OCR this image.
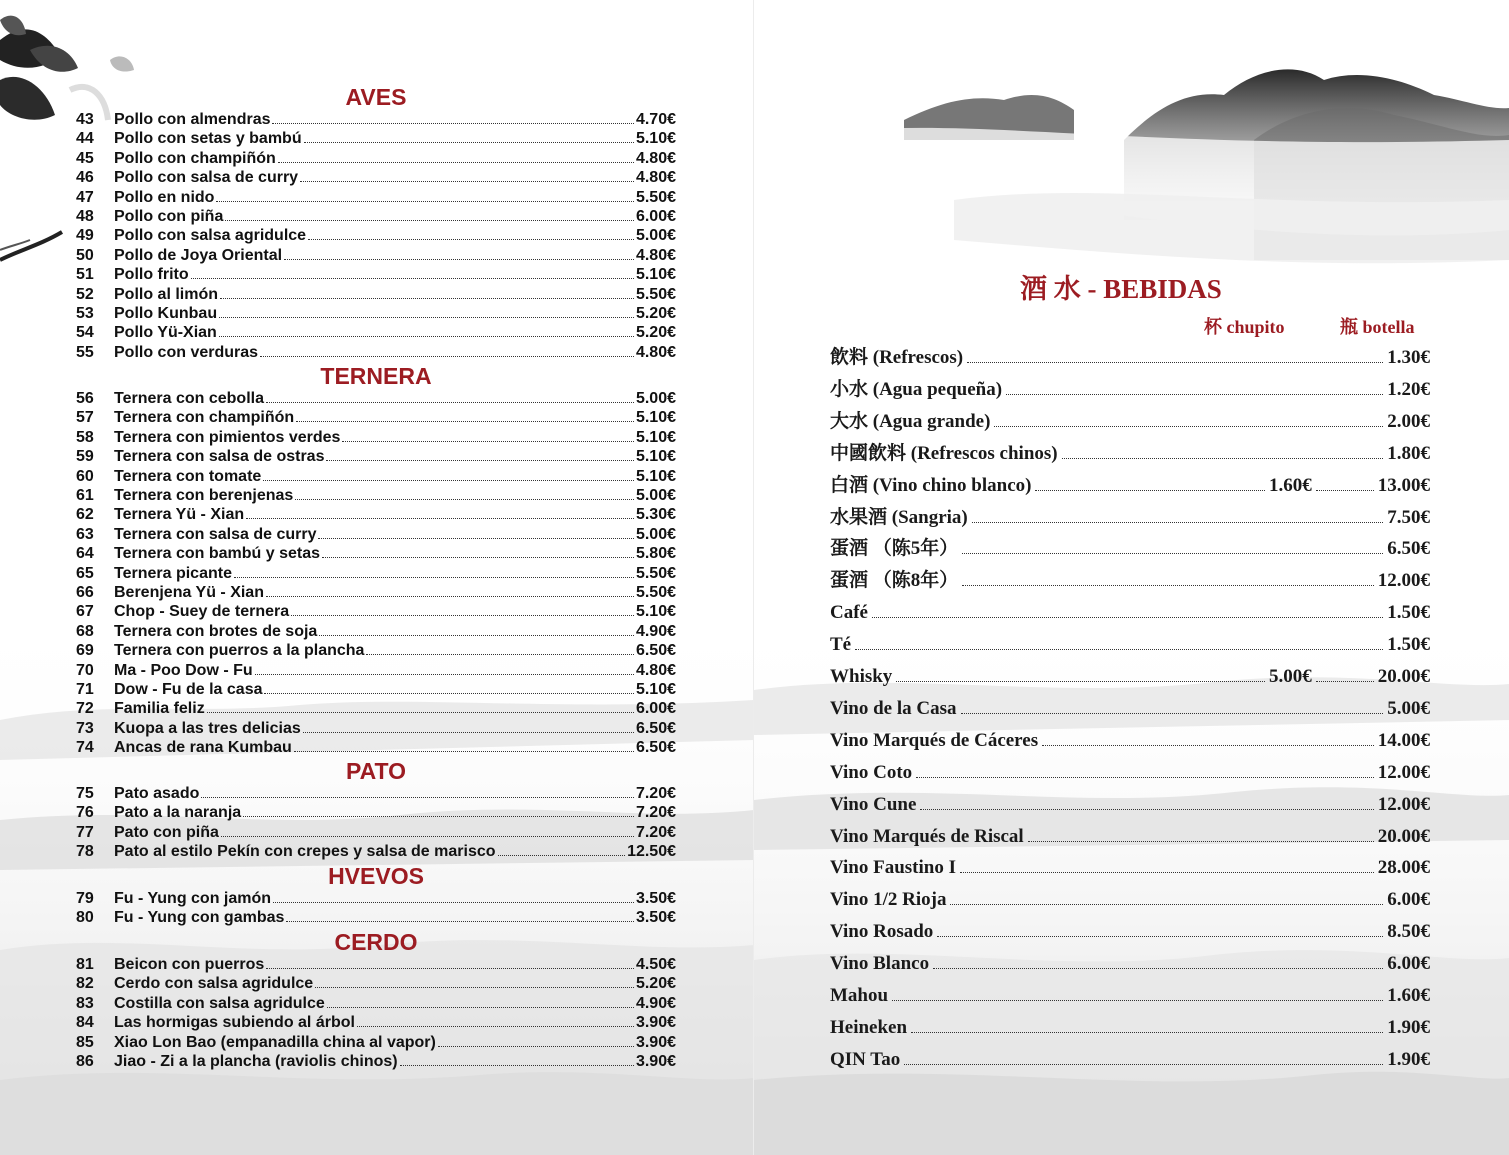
AVES
酒 水 - BEBIDAS
杯 chupito	瓶 botella
43	Pollo con almendras	4.70€
44	Pollo con setas y bambú	5.10€
45	Pollo con champiñón	4.80€
46	Pollo con salsa de curry	4.80€
47	Pollo en nido	5.50€
48	Pollo con piña	6.00€
49	Pollo con salsa agridulce	5.00€
50	Pollo de Joya Oriental	4.80€
51	Pollo frito	5.10€
52	Pollo al limón	5.50€
53	Pollo Kunbau	5.20€
54	Pollo Yü-Xian	5.20€
55	Pollo con verduras	4.80€
TERNERA
56	Ternera con cebolla	5.00€
57	Ternera con champiñón	5.10€
58	Ternera con pimientos verdes	5.10€
59	Ternera con salsa de ostras	5.10€
60	Ternera con tomate	5.10€
61	Ternera con berenjenas	5.00€
62	Ternera Yü - Xian	5.30€
63	Ternera con salsa de curry	5.00€
64	Ternera con bambú y setas	5.80€
65	Ternera picante	5.50€
66	Berenjena Yü - Xian	5.50€
67	Chop - Suey de ternera	5.10€
68	Ternera con brotes de soja	4.90€
69	Ternera con puerros a la plancha	6.50€
70	Ma - Poo Dow - Fu	4.80€
71	Dow - Fu de la casa	5.10€
72	Familia feliz	6.00€
73	Kuopa a las tres delicias	6.50€
74	Ancas de rana Kumbau	6.50€
PATO
75	Pato asado	7.20€
76	Pato a la naranja	7.20€
77	Pato con piña	7.20€
78	Pato al estilo Pekín con crepes y salsa de marisco	12.50€
HVEVOS
79	Fu - Yung con jamón	3.50€
80	Fu - Yung con gambas	3.50€
CERDO
81	Beicon con puerros	4.50€
82	Cerdo con salsa agridulce	5.20€
83	Costilla con salsa agridulce	4.90€
84	Las hormigas subiendo al árbol	3.90€
85	Xiao Lon Bao (empanadilla china al vapor)	3.90€
86	Jiao - Zi a la plancha (raviolis chinos)	3.90€
飲料 (Refrescos)	1.30€
小水 (Agua pequeña)	1.20€
大水 (Agua grande)	2.00€
中國飲料 (Refrescos chinos)	1.80€
白酒 (Vino chino blanco)	1.60€	13.00€
水果酒 (Sangria)	7.50€
蛋酒 （陈5年）	6.50€
蛋酒 （陈8年）	12.00€
Café	1.50€
Té	1.50€
Whisky	5.00€	20.00€
Vino de la Casa	5.00€
Vino Marqués de Cáceres	14.00€
Vino Coto	12.00€
Vino Cune	12.00€
Vino Marqués de Riscal	20.00€
Vino Faustino I	28.00€
Vino 1/2 Rioja	6.00€
Vino Rosado	8.50€
Vino Blanco	6.00€
Mahou	1.60€
Heineken	1.90€
QIN Tao	1.90€
